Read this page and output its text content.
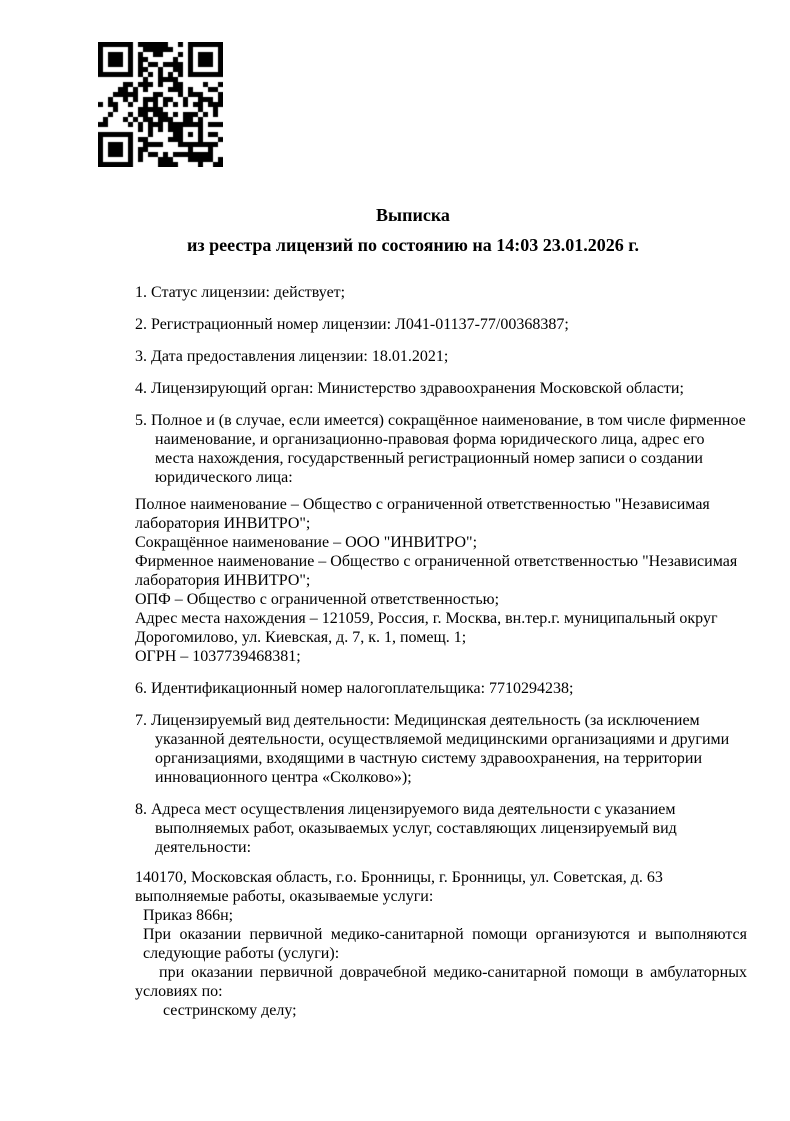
Выписка
из реестра лицензий по состоянию на 14:03 23.01.2026 г.

1. Статус лицензии: действует;

2. Регистрационный номер лицензии: Л041-01137-77/00368387;

3. Дата предоставления лицензии: 18.01.2021;

4. Лицензирующий орган: Министерство здравоохранения Московской области;

5. Полное и (в случае, если имеется) сокращённое наименование, в том числе фирменное наименование, и организационно-правовая форма юридического лица, адрес его места нахождения, государственный регистрационный номер записи о создании юридического лица:

Полное наименование – Общество с ограниченной ответственностью "Независимая лаборатория ИНВИТРО";

Сокращённое наименование – ООО "ИНВИТРО";

Фирменное наименование – Общество с ограниченной ответственностью "Независимая лаборатория ИНВИТРО";

ОПФ – Общество с ограниченной ответственностью;

Адрес места нахождения – 121059, Россия, г. Москва, вн.тер.г. муниципальный округ Дорогомилово, ул. Киевская, д. 7, к. 1, помещ. 1;

ОГРН – 1037739468381;

6. Идентификационный номер налогоплательщика: 7710294238;

7. Лицензируемый вид деятельности: Медицинская деятельность (за исключением указанной деятельности, осуществляемой медицинскими организациями и другими организациями, входящими в частную систему здравоохранения, на территории инновационного центра «Сколково»);

8. Адреса мест осуществления лицензируемого вида деятельности с указанием выполняемых работ, оказываемых услуг, составляющих лицензируемый вид деятельности:

140170, Московская область, г.о. Бронницы, г. Бронницы, ул. Советская, д. 63

выполняемые работы, оказываемые услуги:

Приказ 866н;

При оказании первичной медико-санитарной помощи организуются и выполняются следующие работы (услуги):

при оказании первичной доврачебной медико-санитарной помощи в амбулаторных условиях по:

сестринскому делу;
